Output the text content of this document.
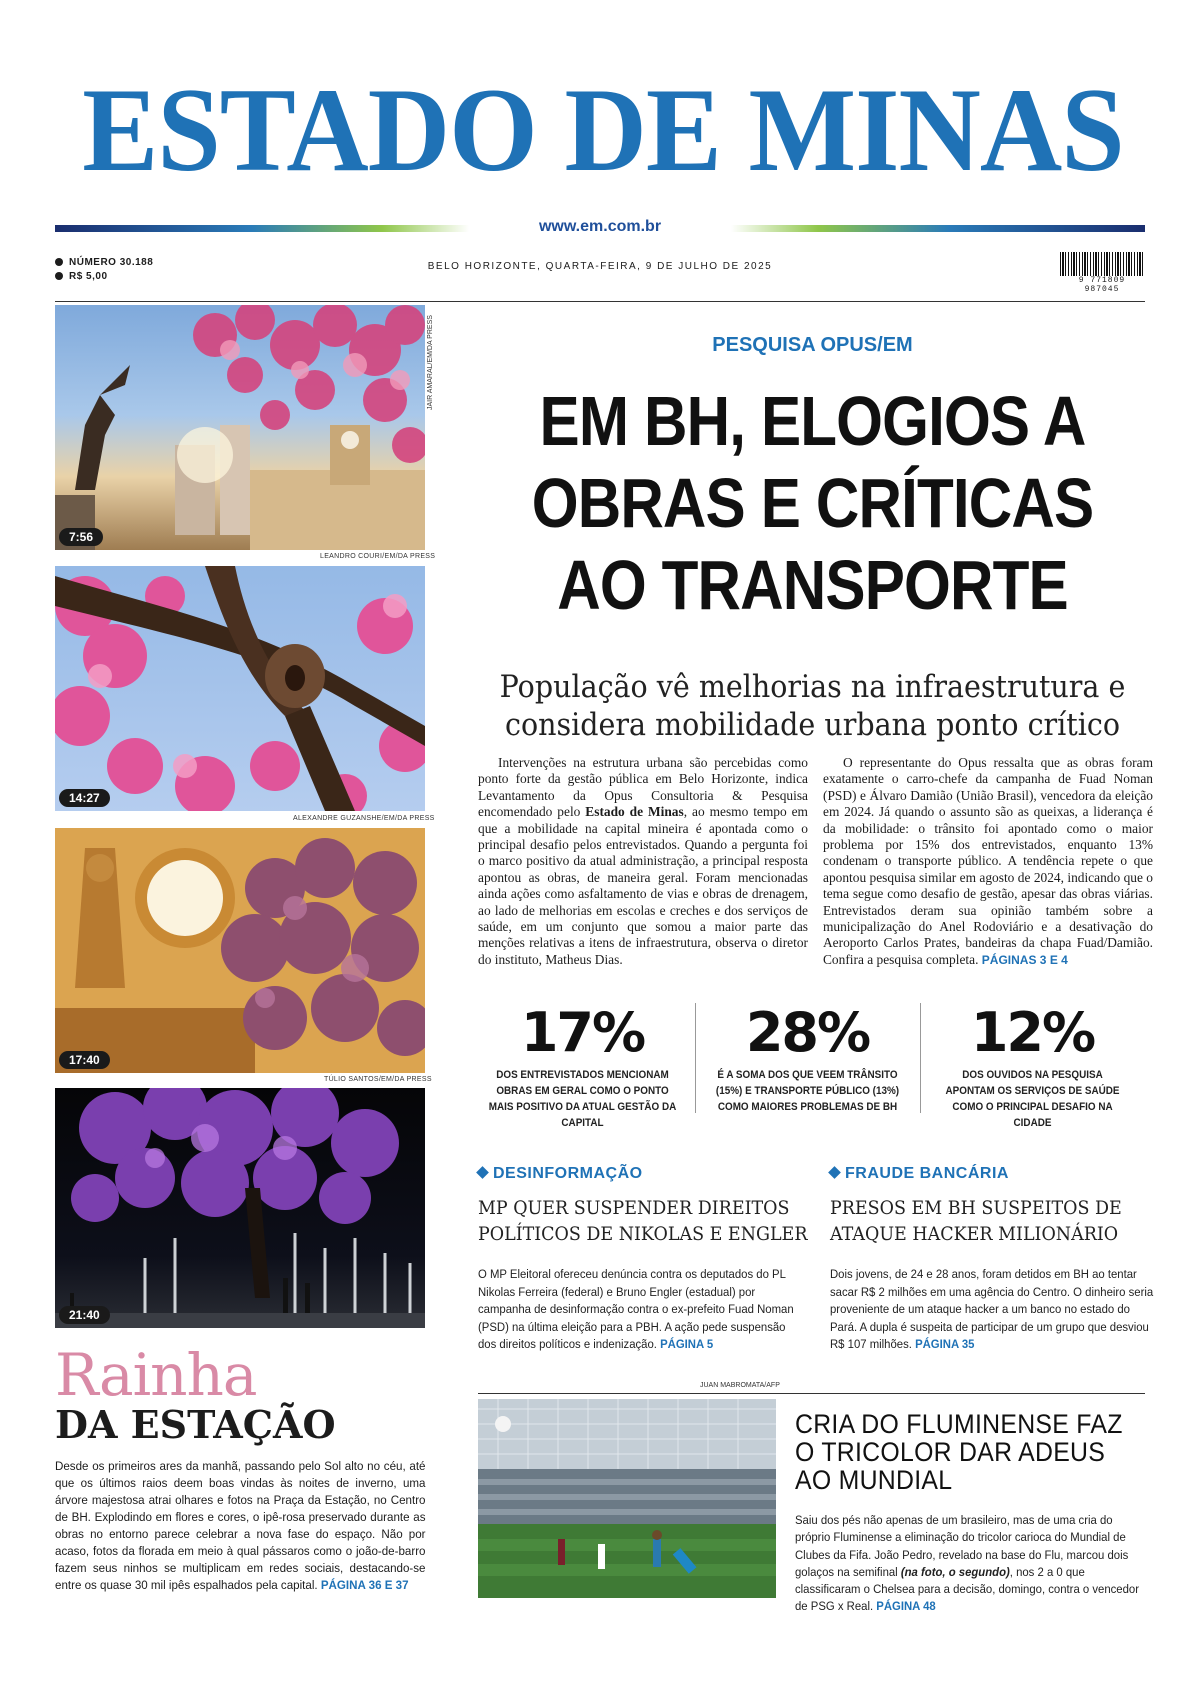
ESTADO DE MINAS
www.em.com.br
NÚMERO 30.188
R$ 5,00
BELO HORIZONTE, QUARTA-FEIRA, 9 DE JULHO DE 2025
9 771809 987045
JAIR AMARAL/EM/DA PRESS
7:56
LEANDRO COURI/EM/DA PRESS
14:27
ALEXANDRE GUZANSHE/EM/DA PRESS
17:40
TÚLIO SANTOS/EM/DA PRESS
21:40
Rainha
DA ESTAÇÃO
Desde os primeiros ares da manhã, passando pelo Sol alto no céu, até que os últimos raios deem boas vindas às noites de inverno, uma árvore majestosa atrai olhares e fotos na Praça da Estação, no Centro de BH. Explodindo em flores e cores, o ipê-rosa preservado durante as obras no entorno parece celebrar a nova fase do espaço. Não por acaso, fotos da florada em meio à qual pássaros como o joão-de-barro fazem seus ninhos se multiplicam em redes sociais, destacando-se entre os quase 30 mil ipês espalhados pela capital. PÁGINA 36 E 37
PESQUISA OPUS/EM
EM BH, ELOGIOS A OBRAS E CRÍTICAS AO TRANSPORTE
População vê melhorias na infraestrutura e considera mobilidade urbana ponto crítico
Intervenções na estrutura urbana são percebidas como ponto forte da gestão pública em Belo Horizonte, indica Levantamento da Opus Consultoria & Pesquisa encomendado pelo Estado de Minas, ao mesmo tempo em que a mobilidade na capital mineira é apontada como o principal desafio pelos entrevistados. Quando a pergunta foi o marco positivo da atual administração, a principal resposta apontou as obras, de maneira geral. Foram mencionadas ainda ações como asfaltamento de vias e obras de drenagem, ao lado de melhorias em escolas e creches e dos serviços de saúde, em um conjunto que somou a maior parte das menções relativas a itens de infraestrutura, observa o diretor do instituto, Matheus Dias.
O representante do Opus ressalta que as obras foram exatamente o carro-chefe da campanha de Fuad Noman (PSD) e Álvaro Damião (União Brasil), vencedora da eleição em 2024. Já quando o assunto são as queixas, a liderança é da mobilidade: o trânsito foi apontado como o maior problema por 15% dos entrevistados, enquanto 13% condenam o transporte público. A tendência repete o que apontou pesquisa similar em agosto de 2024, indicando que o tema segue como desafio de gestão, apesar das obras viárias. Entrevistados deram sua opinião também sobre a municipalização do Anel Rodoviário e a desativação do Aeroporto Carlos Prates, bandeiras da chapa Fuad/Damião. Confira a pesquisa completa. PÁGINAS 3 E 4
17%
DOS ENTREVISTADOS MENCIONAM OBRAS EM GERAL COMO O PONTO MAIS POSITIVO DA ATUAL GESTÃO DA CAPITAL
28%
É A SOMA DOS QUE VEEM TRÂNSITO (15%) E TRANSPORTE PÚBLICO (13%) COMO MAIORES PROBLEMAS DE BH
12%
DOS OUVIDOS NA PESQUISA APONTAM OS SERVIÇOS DE SAÚDE COMO O PRINCIPAL DESAFIO NA CIDADE
DESINFORMAÇÃO
MP QUER SUSPENDER DIREITOS POLÍTICOS DE NIKOLAS E ENGLER
O MP Eleitoral ofereceu denúncia contra os deputados do PL Nikolas Ferreira (federal) e Bruno Engler (estadual) por campanha de desinformação contra o ex-prefeito Fuad Noman (PSD) na última eleição para a PBH. A ação pede suspensão dos direitos políticos e indenização. PÁGINA 5
FRAUDE BANCÁRIA
PRESOS EM BH SUSPEITOS DE ATAQUE HACKER MILIONÁRIO
Dois jovens, de 24 e 28 anos, foram detidos em BH ao tentar sacar R$ 2 milhões em uma agência do Centro. O dinheiro seria proveniente de um ataque hacker a um banco no estado do Pará. A dupla é suspeita de participar de um grupo que desviou R$ 107 milhões. PÁGINA 35
JUAN MABROMATA/AFP
CRIA DO FLUMINENSE FAZ O TRICOLOR DAR ADEUS AO MUNDIAL
Saiu dos pés não apenas de um brasileiro, mas de uma cria do próprio Fluminense a eliminação do tricolor carioca do Mundial de Clubes da Fifa. João Pedro, revelado na base do Flu, marcou dois golaços na semifinal (na foto, o segundo), nos 2 a 0 que classificaram o Chelsea para a decisão, domingo, contra o vencedor de PSG x Real. PÁGINA 48
